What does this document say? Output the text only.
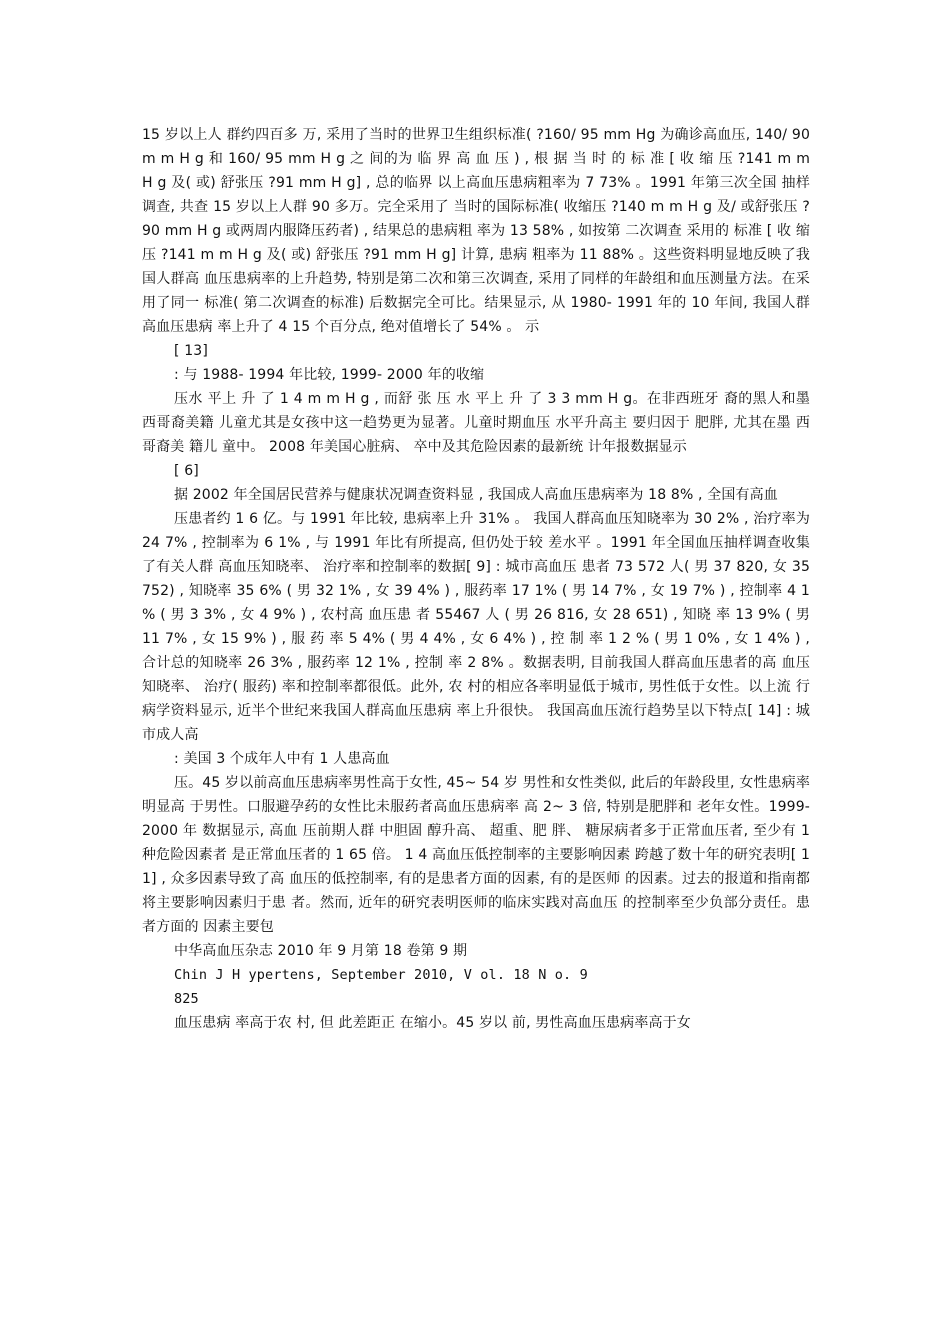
15 岁以上人 群约四百多 万, 采用了当时的世界卫生组织标准( ?160/ 95 mm Hg 为确诊高血压, 140/ 90 m m H g 和 160/ 95 mm H g 之 间的为 临 界 高 血 压 ) , 根 据 当 时 的 标 准 [ 收 缩 压 ?141 m m H g 及( 或) 舒张压 ?91 mm H g] , 总的临界 以上高血压患病粗率为 7 73% 。1991 年第三次全国 抽样调查, 共查 15 岁以上人群 90 多万。完全采用了 当时的国际标准( 收缩压 ?140 m m H g 及/ 或舒张压 ?90 mm H g 或两周内服降压药者) , 结果总的患病粗 率为 13 58% , 如按第 二次调查 采用的 标准 [ 收 缩压 ?141 m m H g 及( 或) 舒张压 ?91 mm H g] 计算, 患病 粗率为 11 88% 。这些资料明显地反映了我国人群高 血压患病率的上升趋势, 特别是第二次和第三次调查, 采用了同样的年龄组和血压测量方法。在采用了同一 标准( 第二次调查的标准) 后数据完全可比。结果显示, 从 1980- 1991 年的 10 年间, 我国人群高血压患病 率上升了 4 15 个百分点, 绝对值增长了 54% 。 示

[ 13]

: 与 1988- 1994 年比较, 1999- 2000 年的收缩

压水 平上 升 了 1 4 m m H g , 而舒 张 压 水 平上 升 了 3 3 mm H g。在非西班牙 裔的黑人和墨 西哥裔美籍 儿童尤其是女孩中这一趋势更为显著。儿童时期血压 水平升高主 要归因于 肥胖, 尤其在墨 西哥裔美 籍儿 童中。 2008 年美国心脏病、 卒中及其危险因素的最新统 计年报数据显示

[ 6]

据 2002 年全国居民营养与健康状况调查资料显 , 我国成人高血压患病率为 18 8% , 全国有高血

压患者约 1 6 亿。与 1991 年比较, 患病率上升 31% 。 我国人群高血压知晓率为 30 2% , 治疗率为 24 7% , 控制率为 6 1% , 与 1991 年比有所提高, 但仍处于较 差水平 。1991 年全国血压抽样调查收集了有关人群 高血压知晓率、 治疗率和控制率的数据[ 9] : 城市高血压 患者 73 572 人( 男 37 820, 女 35 752) , 知晓率 35 6% ( 男 32 1% , 女 39 4% ) , 服药率 17 1% ( 男 14 7% , 女 19 7% ) , 控制率 4 1 % ( 男 3 3% , 女 4 9% ) , 农村高 血压患 者 55467 人 ( 男 26 816, 女 28 651) , 知晓 率 13 9% ( 男 11 7% , 女 15 9% ) , 服 药 率 5 4% ( 男 4 4% , 女 6 4% ) , 控 制 率 1 2 % ( 男 1 0% , 女 1 4% ) , 合计总的知晓率 26 3% , 服药率 12 1% , 控制 率 2 8% 。数据表明, 目前我国人群高血压患者的高 血压知晓率、 治疗( 服药) 率和控制率都很低。此外, 农 村的相应各率明显低于城市, 男性低于女性。以上流 行病学资料显示, 近半个世纪来我国人群高血压患病 率上升很快。 我国高血压流行趋势呈以下特点[ 14] : 城市成人高

: 美国 3 个成年人中有 1 人患高血

压。45 岁以前高血压患病率男性高于女性, 45~ 54 岁 男性和女性类似, 此后的年龄段里, 女性患病率明显高 于男性。口服避孕药的女性比未服药者高血压患病率 高 2~ 3 倍, 特别是肥胖和 老年女性。1999- 2000 年 数据显示, 高血 压前期人群 中胆固 醇升高、 超重、肥 胖、 糖尿病者多于正常血压者, 至少有 1 种危险因素者 是正常血压者的 1 65 倍。 1 4 高血压低控制率的主要影响因素 跨越了数十年的研究表明[ 11] , 众多因素导致了高 血压的低控制率, 有的是患者方面的因素, 有的是医师 的因素。过去的报道和指南都将主要影响因素归于患 者。然而, 近年的研究表明医师的临床实践对高血压 的控制率至少负部分责任。患者方面的 因素主要包

中华高血压杂志 2010 年 9 月第 18 卷第 9 期

Chin J H ypertens, September 2010, V ol. 18 N o. 9

825

血压患病 率高于农 村, 但 此差距正 在缩小。45 岁以 前, 男性高血压患病率高于女
